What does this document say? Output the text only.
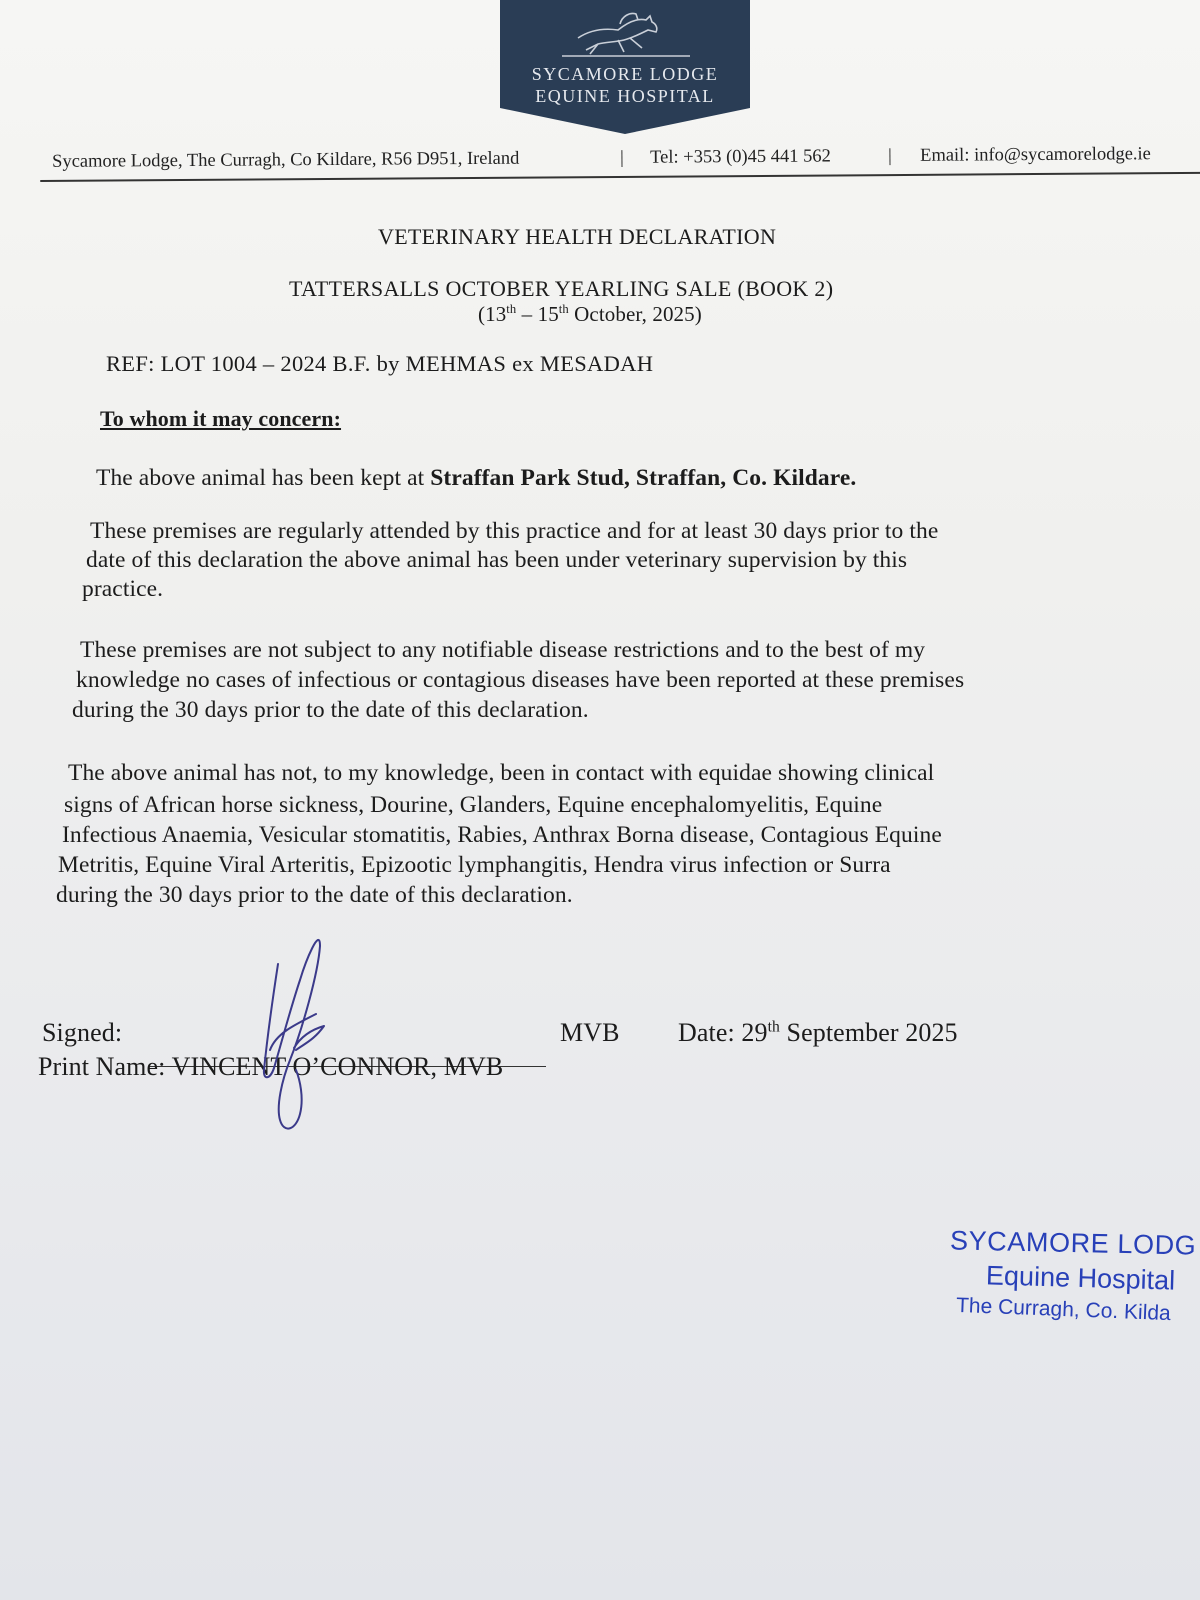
SYCAMORE LODGE
EQUINE HOSPITAL
Sycamore Lodge, The Curragh, Co Kildare, R56 D951, Ireland	| Tel: +353 (0)45 441 562	| Email: info@sycamorelodge.ie
VETERINARY HEALTH DECLARATION
TATTERSALLS OCTOBER YEARLING SALE (BOOK 2)
(13th – 15th October, 2025)
REF: LOT 1004 – 2024 B.F. by MEHMAS ex MESADAH
To whom it may concern:
The above animal has been kept at Straffan Park Stud, Straffan, Co. Kildare.
These premises are regularly attended by this practice and for at least 30 days prior to the
date of this declaration the above animal has been under veterinary supervision by this
practice.
These premises are not subject to any notifiable disease restrictions and to the best of my
knowledge no cases of infectious or contagious diseases have been reported at these premises
during the 30 days prior to the date of this declaration.
The above animal has not, to my knowledge, been in contact with equidae showing clinical
signs of African horse sickness, Dourine, Glanders, Equine encephalomyelitis, Equine
Infectious Anaemia, Vesicular stomatitis, Rabies, Anthrax Borna disease, Contagious Equine
Metritis, Equine Viral Arteritis, Epizootic lymphangitis, Hendra virus infection or Surra
during the 30 days prior to the date of this declaration.
Signed:	MVB Date: 29th September 2025
Print Name: VINCENT O’CONNOR, MVB
SYCAMORE LODG
Equine Hospital
The Curragh, Co. Kilda
